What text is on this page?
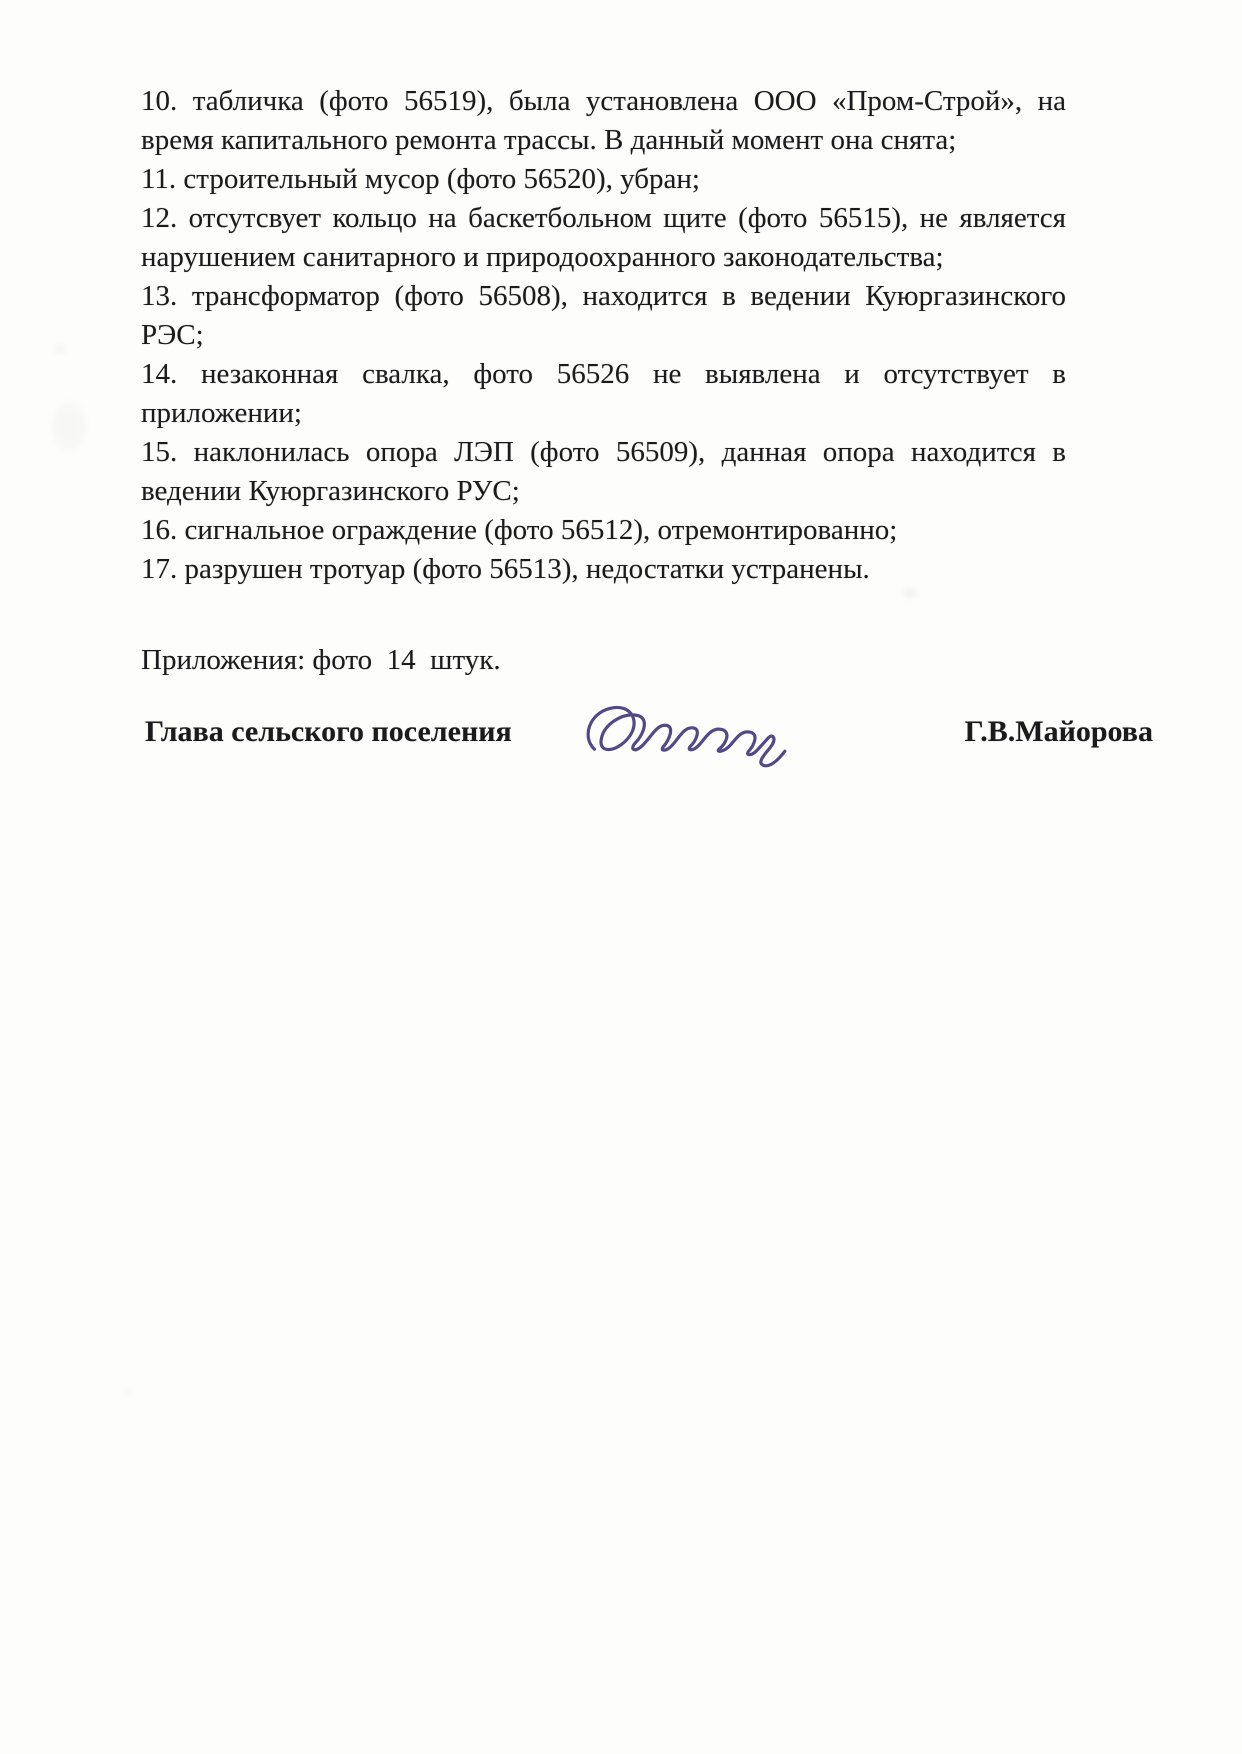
10. табличка (фото 56519), была установлена ООО «Пром-Строй», на время капитального ремонта трассы. В данный момент она снята;

11. строительный мусор (фото 56520), убран;

12. отсутсвует кольцо на баскетбольном щите (фото 56515), не является нарушением санитарного и природоохранного законодательства;

13. трансформатор (фото 56508), находится в ведении Куюргазинского РЭС;

14. незаконная свалка, фото 56526 не выявлена и отсутствует в приложении;

15. наклонилась опора ЛЭП (фото 56509), данная опора находится в ведении Куюргазинского РУС;

16. сигнальное ограждение (фото 56512), отремонтированно;

17. разрушен тротуар (фото 56513), недостатки устранены.

Приложения: фото  14  штук.

Глава сельского поселения	Г.В.Майорова
